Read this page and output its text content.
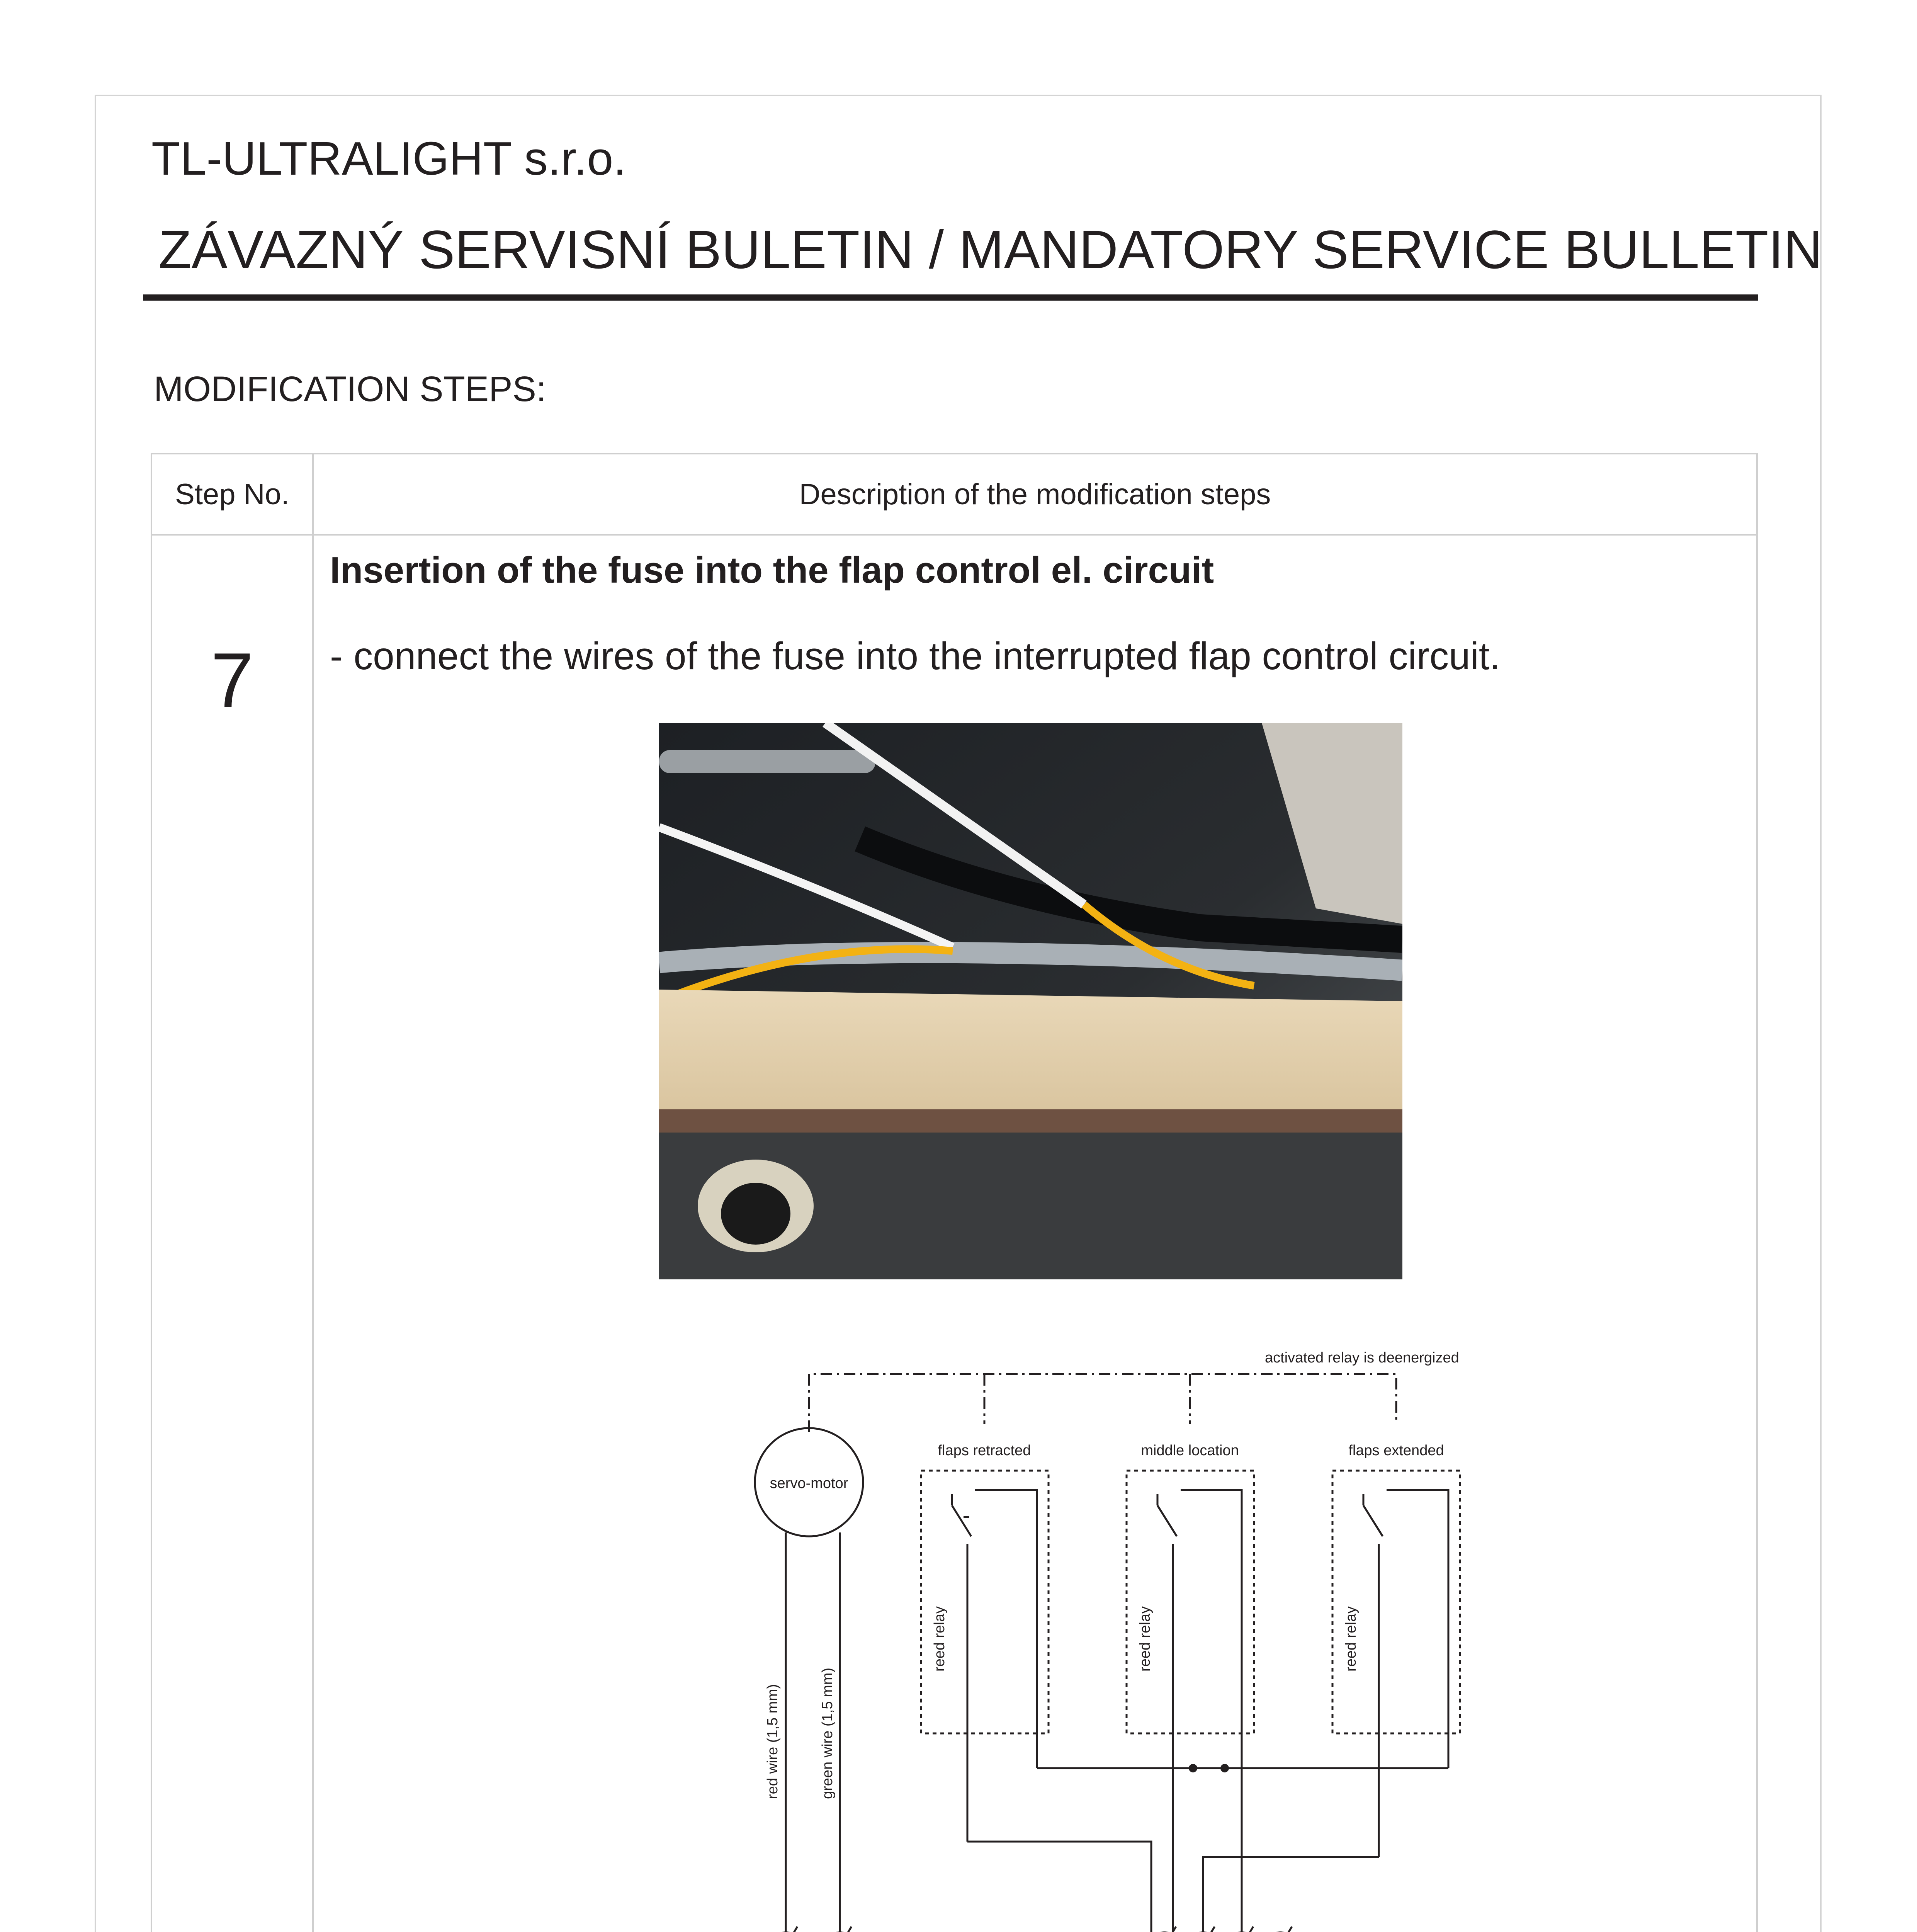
TL-ULTRALIGHT s.r.o.
ZÁVAZNÝ SERVISNÍ BULETIN / MANDATORY SERVICE BULLETIN
MODIFICATION STEPS:
Step No.	Description of the modification steps
7
Insertion of the fuse into the flap control el. circuit
- connect the wires of the fuse into the interrupted flap control circuit.
activated relay is deenergized
servo-motor
flaps retracted	middle location	flaps extended
reed relay	reed relay	reed relay
red wire (1,5 mm)	green wire (1,5 mm)
